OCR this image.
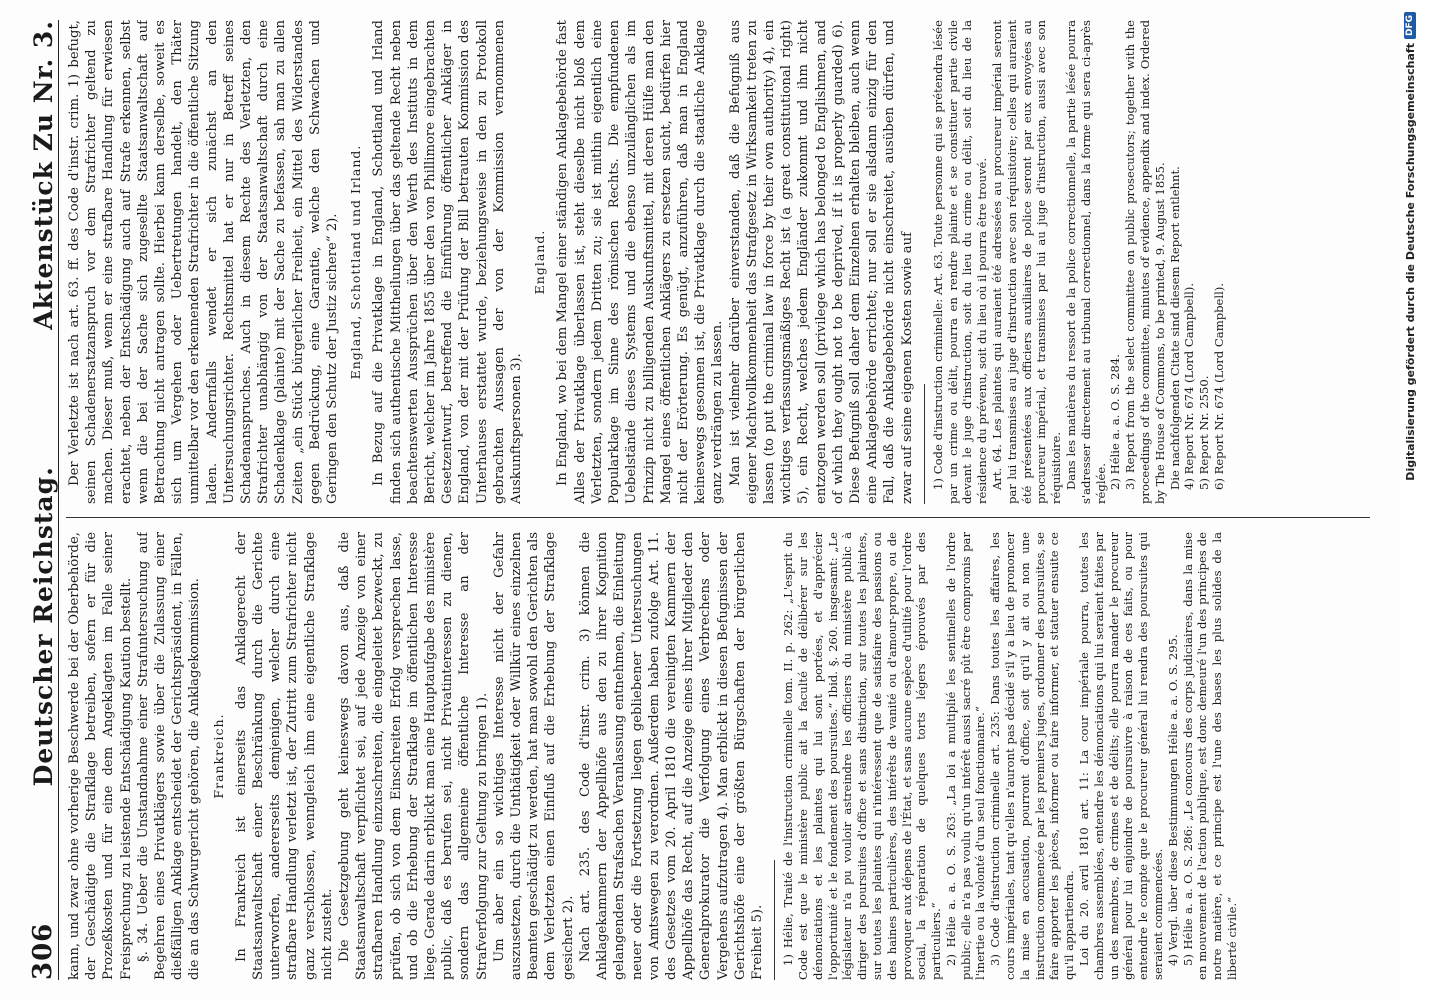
306
Deutscher Reichstag.
Aktenstück Zu Nr. 3.

kann, und zwar ohne vorherige Beschwerde bei der Oberbehörde, der Geschädigte die Strafklage betreiben, sofern er für die Prozeßkosten und für eine dem Angeklagten im Falle seiner Freisprechung zu leistende Entschädigung Kaution bestellt. §. 34. Ueber die Unstandnahme einer Strafuntersuchung auf Begehren eines Privatklägers sowie über die Zulassung einer dießfälligen Anklage entscheidet der Gerichtspräsident, in Fällen, die an das Schwurgericht gehören, die Anklagekommission. Frankreich. In Frankreich ist einerseits das Anklagerecht der Staatsanwaltschaft einer Beschränkung durch die Gerichte unterworfen, andererseits demjenigen, welcher durch eine strafbare Handlung verletzt ist, der Zutritt zum Strafrichter nicht ganz verschlossen, wenngleich ihm eine eigentliche Strafklage nicht zusteht. Die Gesetzgebung geht keineswegs davon aus, daß die Staatsanwaltschaft verpflichtet sei, auf jede Anzeige von einer strafbaren Handlung einzuschreiten, die eingeleitet bezweckt, zu prüfen, ob sich von dem Einschreiten Erfolg versprechen lasse, und ob die Erhebung der Strafklage im öffentlichen Interesse liege. Gerade darin erblickt man eine Hauptaufgabe des ministère public, daß es berufen sei, nicht Privatinteressen zu dienen, sondern das allgemeine öffentliche Interesse an der Strafverfolgung zur Geltung zu bringen 1). Um aber ein so wichtiges Interesse nicht der Gefahr auszusetzen, durch die Unthätigkeit oder Willkür eines einzelnen Beamten geschädigt zu werden, hat man sowohl den Gerichten als dem Verletzten einen Einfluß auf die Erhebung der Strafklage gesichert 2). Nach art. 235. des Code d'instr. crim. 3) können die Anklagekammern der Appellhöfe aus den zu ihrer Kognition gelangenden Strafsachen Veranlassung entnehmen, die Einleitung neuer oder die Fortsetzung liegen gebliebener Untersuchungen von Amtswegen zu verordnen. Außerdem haben zufolge Art. 11. des Gesetzes vom 20. April 1810 die vereinigten Kammern der Appellhöfe das Recht, auf die Anzeige eines ihrer Mitglieder den Generalprokurator die Verfolgung eines Verbrechens oder Vergehens aufzutragen 4). Man erblickt in diesen Befugnissen der Gerichtshöfe eine der größten Bürgschaften der bürgerlichen Freiheit 5). 1) Hélie, Traité de l'instruction criminelle tom. II. p. 262: „L'esprit du Code est que le ministère public ait la faculté de délibérer sur les dénonciations et les plaintes qui lui sont portées, et d'apprécier l'opportunité et le fondement des poursuites.“ Ibid. §. 260. insgesamt: „Le législateur n'a pu vouloir astreindre les officiers du ministère public à diriger des poursuites d'office et sans distinction, sur toutes les plaintes, sur toutes les plaintes qui n'intéressent que de satisfaire des passions ou des haines particulières, des intérêts de vanité ou d'amour-propre, ou de provoquer aux dépens de l'État, et sans aucune espèce d'utilité pour l'ordre social, la réparation de quelques torts légers éprouvés par des particuliers.“ 2) Hélie a. a. O. S. 263: „La loi a multiplié les sentinelles de l'ordre public; elle n'a pas voulu qu'un intérêt aussi sacré pût être compromis par l'inertie ou la volonté d'un seul fonctionnaire.“ 3) Code d'instruction criminelle art. 235: Dans toutes les affaires, les cours impériales, tant qu'elles n'auront pas décidé s'il y a lieu de prononcer la mise en accusation, pourront d'office, soit qu'il y ait ou non une instruction commencée par les premiers juges, ordonner des poursuites, se faire apporter les pièces, informer ou faire informer, et statuer ensuite ce qu'il appartiendra. Loi du 20. avril 1810 art. 11: La cour impériale pourra, toutes les chambres assemblées, entendre les dénonciations qui lui seraient faites par un des membres, de crimes et de délits; elle pourra mander le procureur général pour lui enjoindre de poursuivre à raison de ces faits, ou pour entendre le compte que le procureur général lui rendra des poursuites qui seraient commencées. 4) Vergl. über diese Bestimmungen Hélie a. a. O. S. 295. 5) Hélie a. a. O. S. 286: „Le concours des corps judiciaires, dans la mise en mouvement de l'action publique, est donc demeuré l'un des principes de notre matière, et ce principe est l'une des bases les plus solides de la liberté civile.“

Der Verletzte ist nach art. 63. ff. des Code d'instr. crim. 1) befugt, seinen Schadenersatzanspruch vor dem Strafrichter geltend zu machen. Dieser muß, wenn er eine strafbare Handlung für erwiesen erachtet, neben der Entschädigung auch auf Strafe erkennen, selbst wenn die bei der Sache sich zugesellte Staatsanwaltschaft auf Betrachtung nicht antragen sollte. Hierbei kann derselbe, soweit es sich um Vergehen oder Uebertretungen handelt, den Thäter unmittelbar vor den erkennenden Strafrichter in die öffentliche Sitzung laden. Andernfalls wendet er sich zunächst an den Untersuchungsrichter. Rechtsmittel hat er nur in Betreff seines Schadenanspruches. Auch in diesem Rechte des Verletzten, den Strafrichter unabhängig von der Staatsanwaltschaft durch eine Schadenklage (plainte) mit der Sache zu befassen, sah man zu allen Zeiten „ein Stück bürgerlicher Freiheit, ein Mittel des Widerstandes gegen Bedrückung, eine Garantie, welche den Schwachen und Geringen den Schutz der Justiz sichere“ 2). England, Schottland und Irland. In Bezug auf die Privatklage in England, Schottland und Irland finden sich authentische Mittheilungen über das geltende Recht neben beachtenswerten Aussprüchen über den Werth des Instituts in dem Bericht, welcher im Jahre 1855 über den von Phillimore eingebrachten Gesetzentwurf, betreffend die Einführung öffentlicher Ankläger in England, von der mit der Prüfung der Bill betrauten Kommission des Unterhauses erstattet wurde, beziehungsweise in den zu Protokoll gebrachten Aussagen der von der Kommission vernommenen Auskunftspersonen 3).

England. In England, wo bei dem Mangel einer ständigen Anklagebehörde fast Alles der Privatklage überlassen ist, steht dieselbe nicht bloß dem Verletzten, sondern jedem Dritten zu; sie ist mithin eigentlich eine Popularklage im Sinne des römischen Rechts. Die empfundenen Uebelstände dieses Systems und die ebenso unzulänglichen als im Prinzip nicht zu billigenden Auskunftsmittel, mit deren Hülfe man den Mangel eines öffentlichen Anklägers zu ersetzen sucht, bedürfen hier nicht der Erörterung. Es genügt, anzuführen, daß man in England keineswegs gesonnen ist, die Privatklage durch die staatliche Anklage ganz verdrängen zu lassen. Man ist vielmehr darüber einverstanden, daß die Befugniß aus eigener Machtvollkommenheit das Strafgesetz in Wirksamkeit treten zu lassen (to put the criminal law in force by their own authority) 4), ein wichtiges verfassungsmäßiges Recht ist (a great constitutional right) 5), ein Recht, welches jedem Engländer zukommt und ihm nicht entzogen werden soll (privilege which has belonged to Englishmen, and of which they ought not to be deprived, if it is properly guarded) 6). Diese Befugniß soll daher dem Einzelnen erhalten bleiben, auch wenn eine Anklagebehörde errichtet; nur soll er sie alsdann einzig für den Fall, daß die Anklagebehörde nicht einschreitet, ausüben dürfen, und zwar auf seine eigenen Kosten sowie auf 1) Code d'instruction criminelle: Art. 63. Toute personne qui se prétendra lésée par un crime ou délit, pourra en rendre plainte et se constituer partie civile devant le juge d'instruction, soit du lieu du crime ou délit, soit du lieu de la résidence du prévenu, soit du lieu où il pourra être trouvé. Art. 64. Les plaintes qui auraient été adressées au procureur impérial seront par lui transmises au juge d'instruction avec son réquisitoire; celles qui auraient été présentées aux officiers auxiliaires de police seront par eux envoyées au procureur impérial, et transmises par lui au juge d'instruction, aussi avec son réquisitoire. Dans les matières du ressort de la police correctionnelle, la partie lésée pourra s'adresser directement au tribunal correctionnel, dans la forme qui sera ci-après réglée. 2) Hélie a. a. O. S. 284. 3) Report from the select committee on public prosecutors; together with the proceedings of the committee, minutes of evidence, appendix and index. Ordered by The House of Commons, to be printed, 9. August 1855. Die nachfolgenden Citate sind diesem Report entlehnt. 4) Report Nr. 674 (Lord Campbell). 5) Report Nr. 2550. 6) Report Nr. 674 (Lord Campbell).	Digitalisierung gefördert durch die Deutsche Forschungsgemeinschaft
DFG
